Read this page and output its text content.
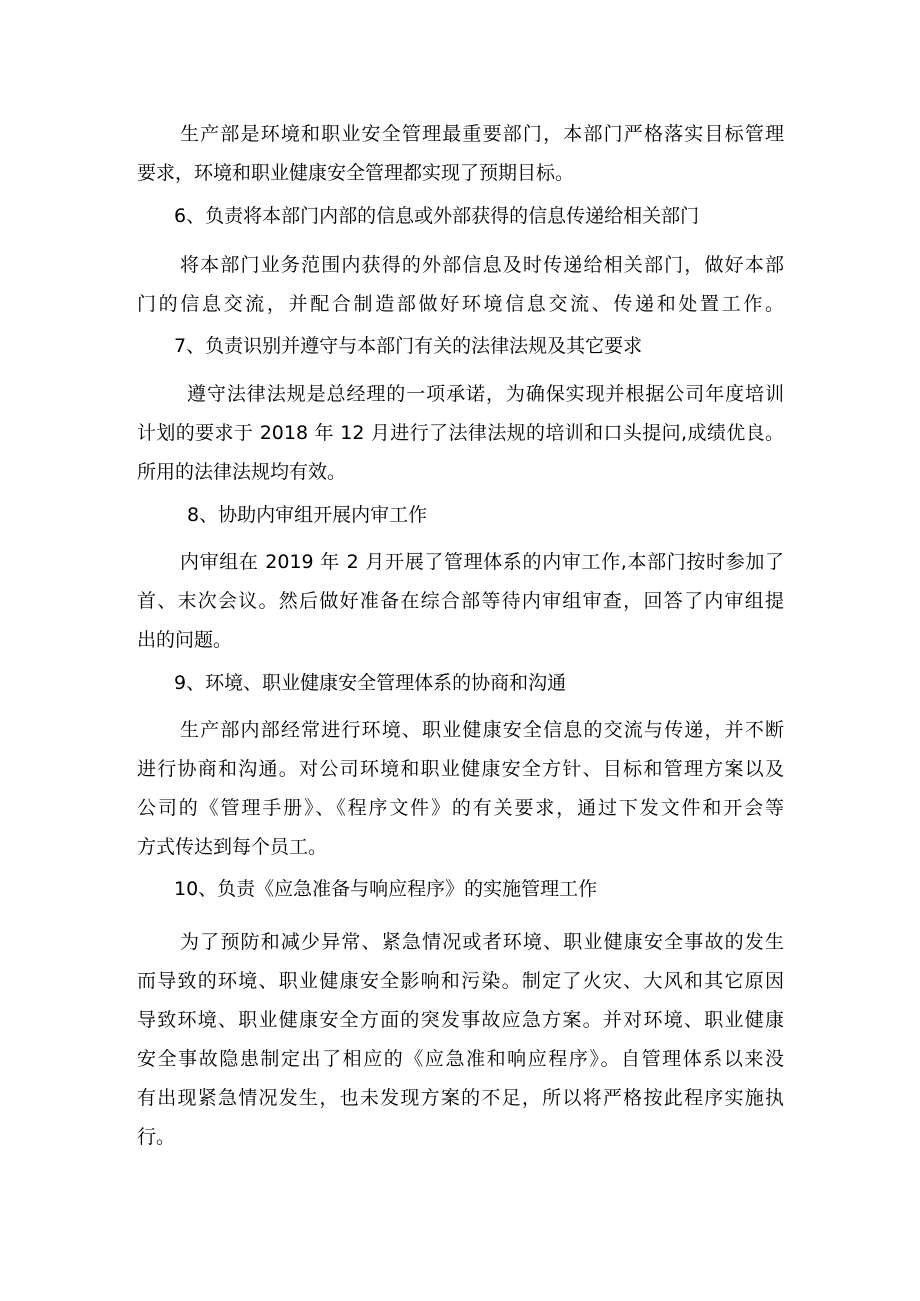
生产部是环境和职业安全管理最重要部门，本部门严格落实目标管理
要求，环境和职业健康安全管理都实现了预期目标。
6、负责将本部门内部的信息或外部获得的信息传递给相关部门
将本部门业务范围内获得的外部信息及时传递给相关部门，做好本部
门的信息交流，并配合制造部做好环境信息交流、传递和处置工作。
7、负责识别并遵守与本部门有关的法律法规及其它要求
遵守法律法规是总经理的一项承诺，为确保实现并根据公司年度培训
计划的要求于 2018 年 12 月进行了法律法规的培训和口头提问,成绩优良。
所用的法律法规均有效。
8、协助内审组开展内审工作
内审组在 2019 年 2 月开展了管理体系的内审工作,本部门按时参加了
首、末次会议。然后做好准备在综合部等待内审组审查，回答了内审组提
出的问题。
9、环境、职业健康安全管理体系的协商和沟通
生产部内部经常进行环境、职业健康安全信息的交流与传递，并不断
进行协商和沟通。对公司环境和职业健康安全方针、目标和管理方案以及
公司的《管理手册》、《程序文件》的有关要求，通过下发文件和开会等
方式传达到每个员工。
10、负责《应急准备与响应程序》的实施管理工作
为了预防和减少异常、紧急情况或者环境、职业健康安全事故的发生
而导致的环境、职业健康安全影响和污染。制定了火灾、大风和其它原因
导致环境、职业健康安全方面的突发事故应急方案。并对环境、职业健康
安全事故隐患制定出了相应的《应急准和响应程序》。自管理体系以来没
有出现紧急情况发生，也未发现方案的不足，所以将严格按此程序实施执
行。
